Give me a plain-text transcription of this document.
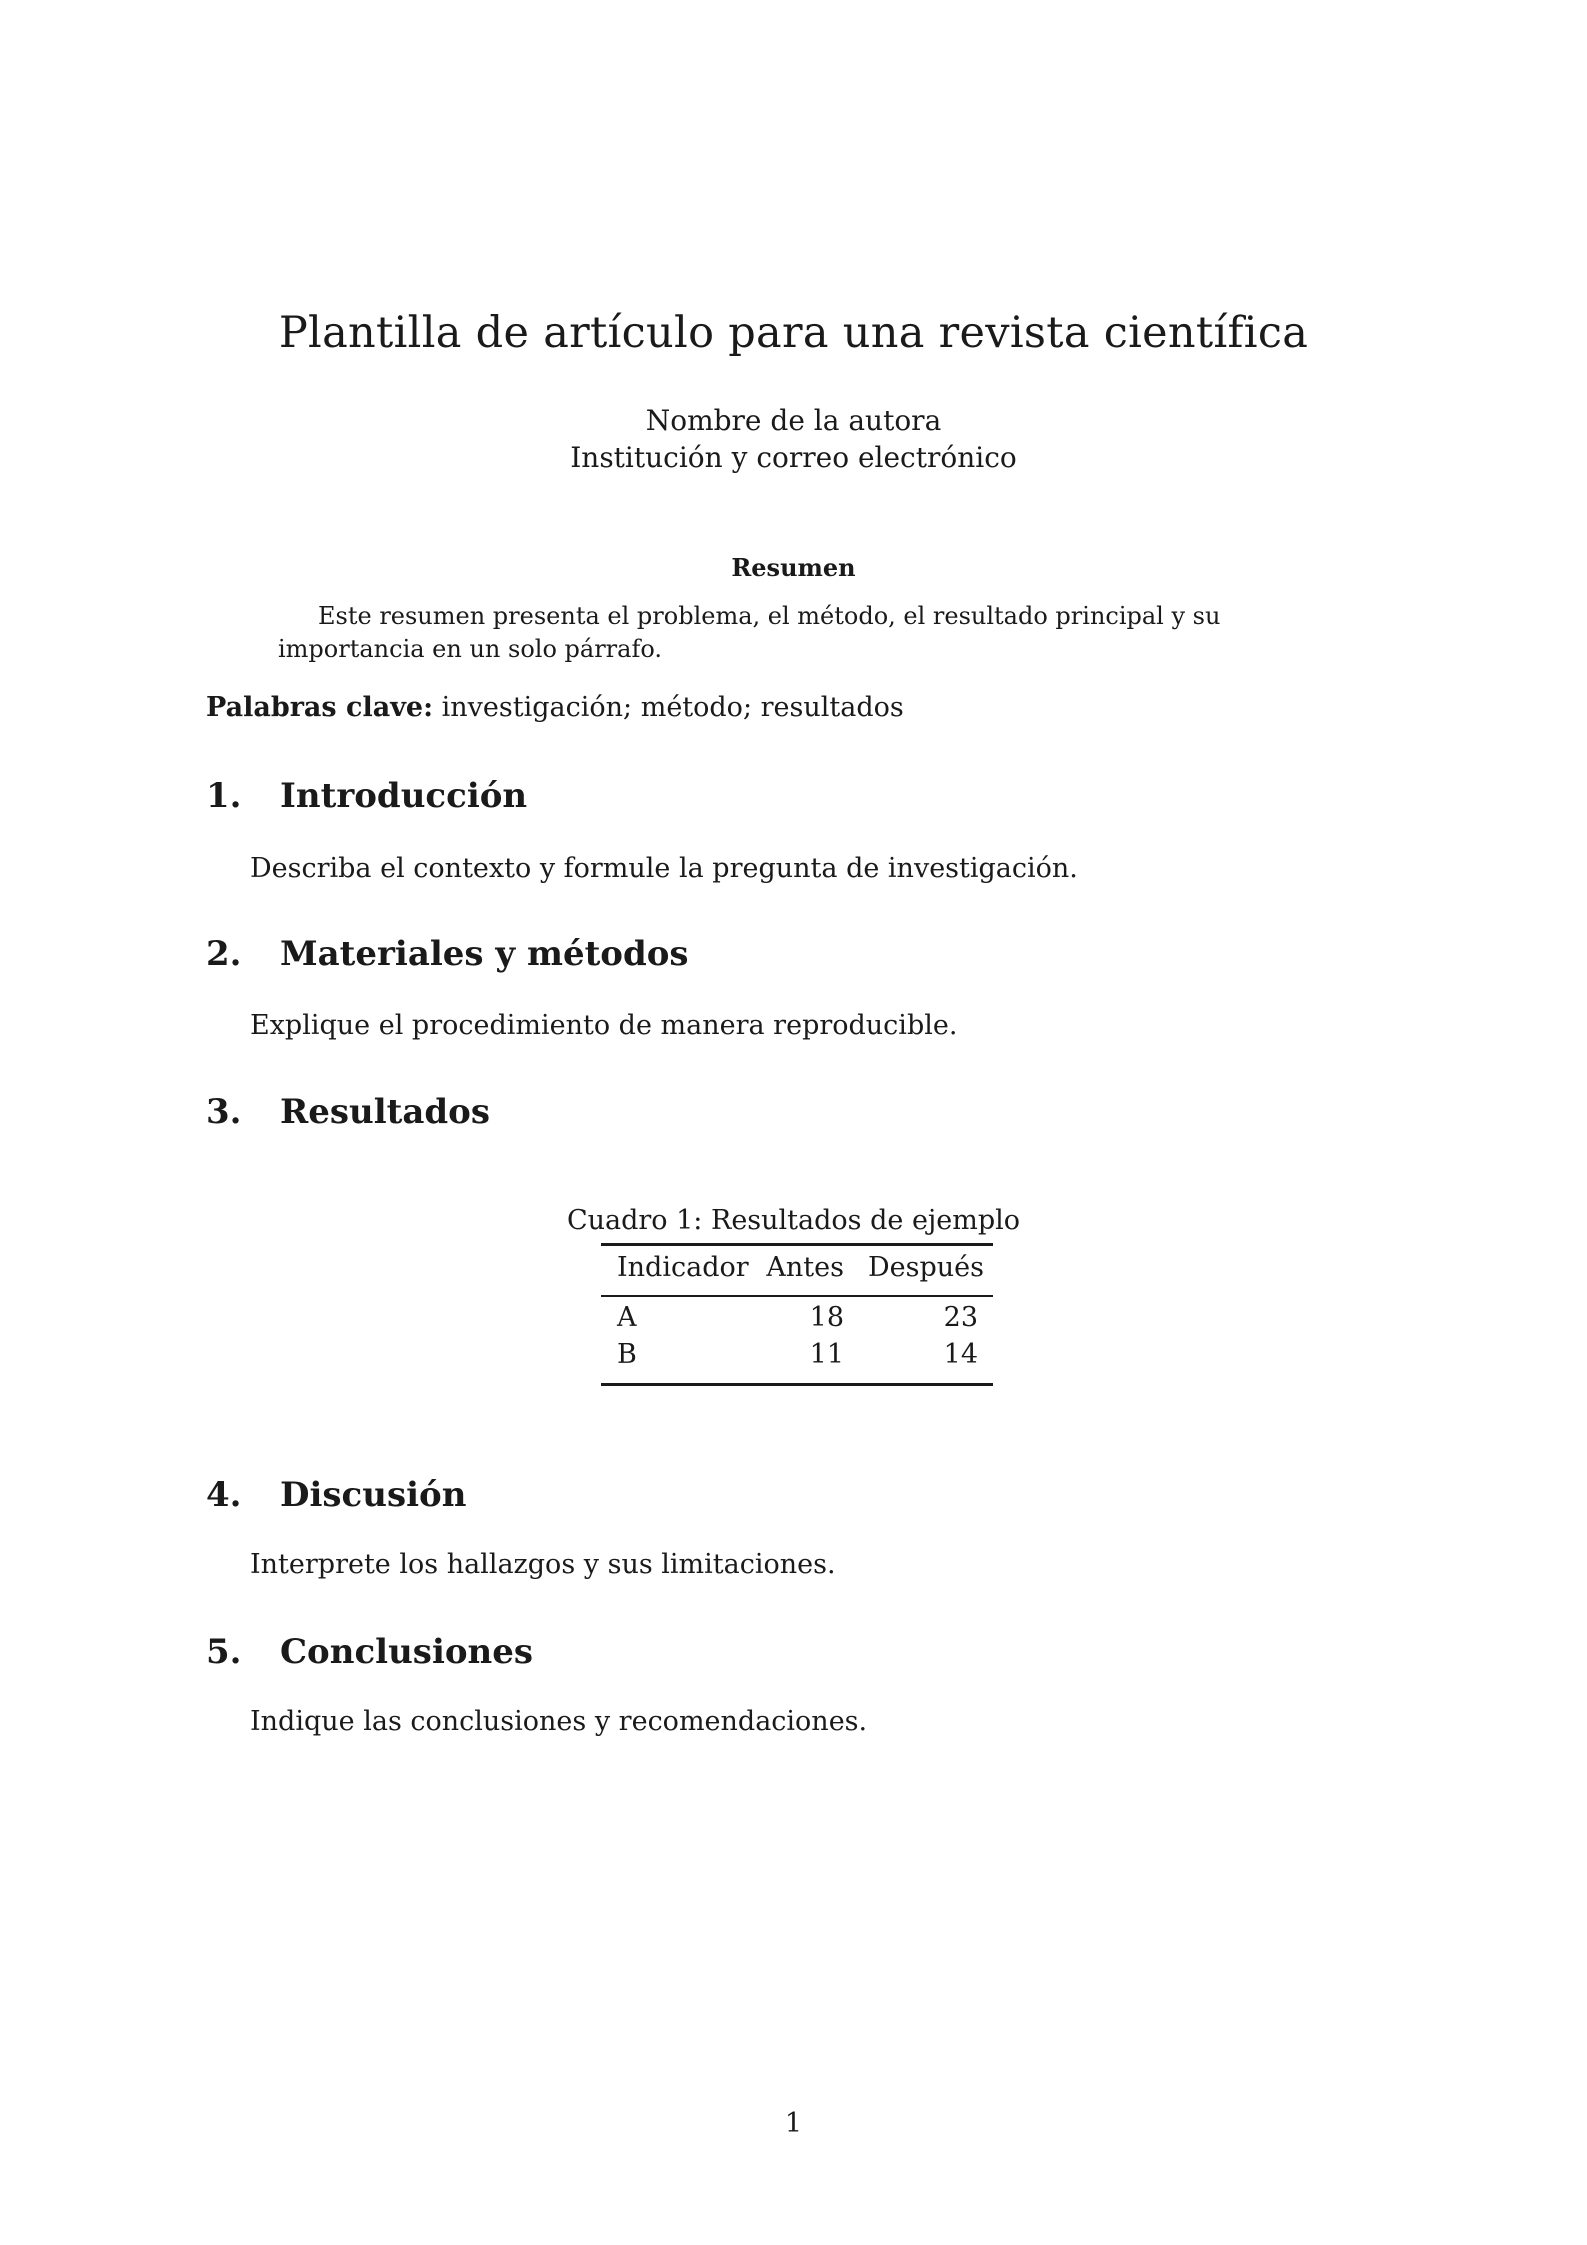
Plantilla de artículo para una revista científica
Nombre de la autora
Institución y correo electrónico
Resumen
Este resumen presenta el problema, el método, el resultado principal y su importancia en un solo párrafo.
Palabras clave: investigación; método; resultados
1. Introducción
Describa el contexto y formule la pregunta de investigación.
2. Materiales y métodos
Explique el procedimiento de manera reproducible.
3. Resultados
Cuadro 1: Resultados de ejemplo
Indicador Antes Después
A	18	23
B	11	14
4. Discusión
Interprete los hallazgos y sus limitaciones.
5. Conclusiones
Indique las conclusiones y recomendaciones.
1
